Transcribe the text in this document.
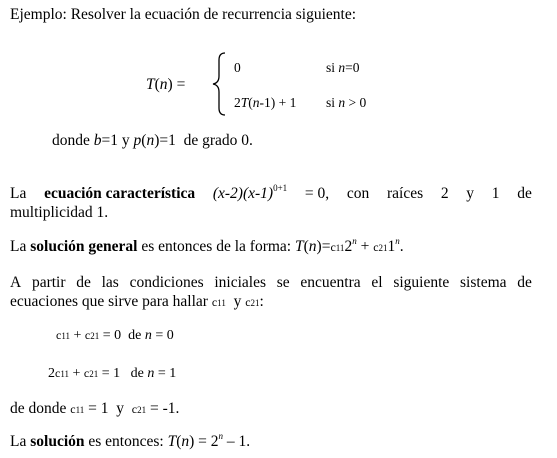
Ejemplo: Resolver la ecuación de recurrencia siguiente:
T(n) =
0	si n=0
2T(n-1) + 1 si n > 0
donde b=1 y p(n)=1  de grado 0.
La ecuación característica $(x-2)(x-1)^{0+1} = 0$, con raíces 2 y 1 de
multiplicidad 1.
La solución general es entonces de la forma: $T(n)=c112^n + c211^n$.
A partir de las condiciones iniciales se encuentra el siguiente sistema de
ecuaciones que sirve para hallar c11  y c21:
c11 + c21 = 0  de n = 0
2c11 + c21 = 1   de n = 1
de donde c11 = 1  y  c21 = -1.
La solución es entonces: $T(n) = 2^n - 1$.
